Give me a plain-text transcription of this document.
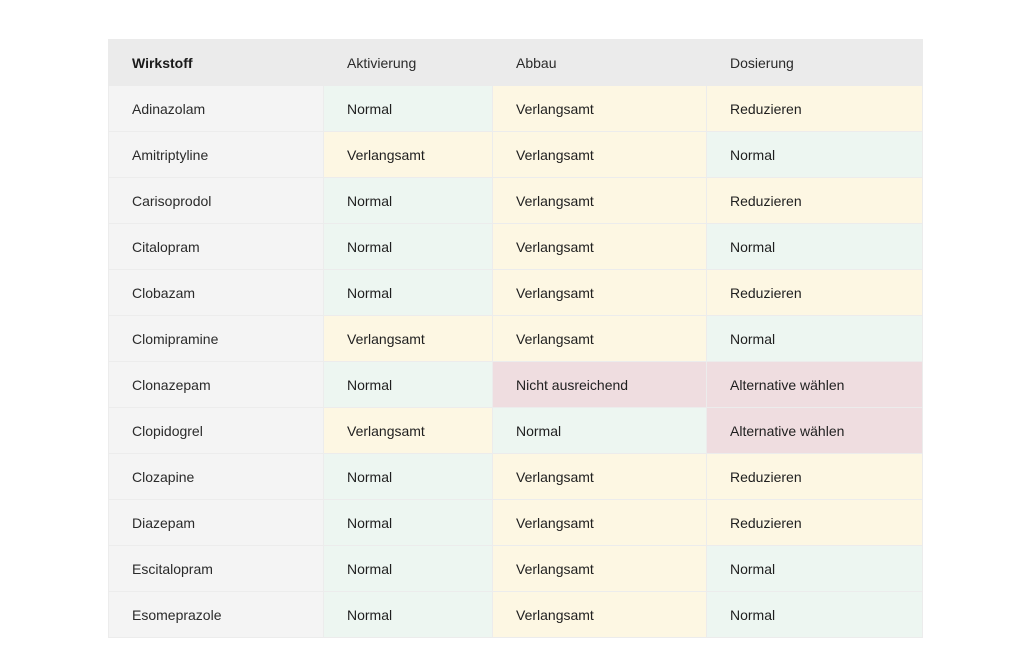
Wirkstoff	Aktivierung	Abbau	Dosierung
Adinazolam	Normal	Verlangsamt	Reduzieren
Amitriptyline	Verlangsamt	Verlangsamt	Normal
Carisoprodol	Normal	Verlangsamt	Reduzieren
Citalopram	Normal	Verlangsamt	Normal
Clobazam	Normal	Verlangsamt	Reduzieren
Clomipramine	Verlangsamt	Verlangsamt	Normal
Clonazepam	Normal	Nicht ausreichend	Alternative wählen
Clopidogrel	Verlangsamt	Normal	Alternative wählen
Clozapine	Normal	Verlangsamt	Reduzieren
Diazepam	Normal	Verlangsamt	Reduzieren
Escitalopram	Normal	Verlangsamt	Normal
Esomeprazole	Normal	Verlangsamt	Normal
